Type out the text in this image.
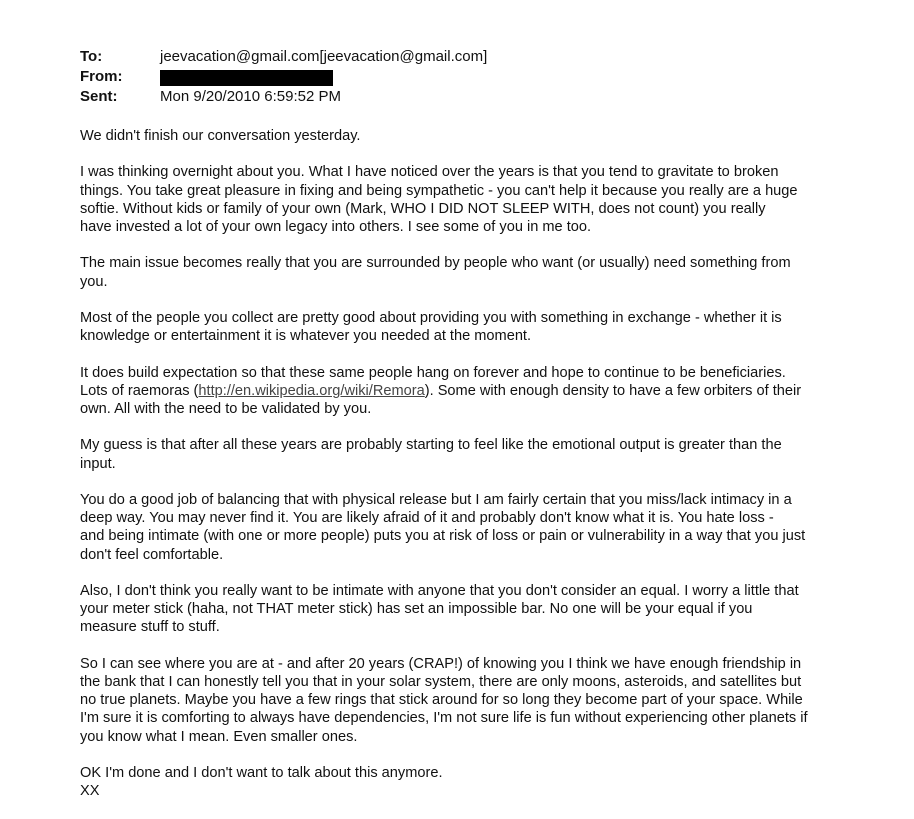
To:	jeevacation@gmail.com[jeevacation@gmail.com]
From:
Sent:	Mon 9/20/2010 6:59:52 PM

We didn't finish our conversation yesterday.

I was thinking overnight about you. What I have noticed over the years is that you tend to gravitate to broken
things. You take great pleasure in fixing and being sympathetic - you can't help it because you really are a huge
softie. Without kids or family of your own (Mark, WHO I DID NOT SLEEP WITH, does not count) you really
have invested a lot of your own legacy into others. I see some of you in me too.

The main issue becomes really that you are surrounded by people who want (or usually) need something from
you.

Most of the people you collect are pretty good about providing you with something in exchange - whether it is
knowledge or entertainment it is whatever you needed at the moment.

It does build expectation so that these same people hang on forever and hope to continue to be beneficiaries.
Lots of raemoras (http://en.wikipedia.org/wiki/Remora). Some with enough density to have a few orbiters of their
own. All with the need to be validated by you.

My guess is that after all these years are probably starting to feel like the emotional output is greater than the
input.

You do a good job of balancing that with physical release but I am fairly certain that you miss/lack intimacy in a
deep way. You may never find it. You are likely afraid of it and probably don't know what it is. You hate loss -
and being intimate (with one or more people) puts you at risk of loss or pain or vulnerability in a way that you just
don't feel comfortable.

Also, I don't think you really want to be intimate with anyone that you don't consider an equal. I worry a little that
your meter stick (haha, not THAT meter stick) has set an impossible bar. No one will be your equal if you
measure stuff to stuff.

So I can see where you are at - and after 20 years (CRAP!) of knowing you I think we have enough friendship in
the bank that I can honestly tell you that in your solar system, there are only moons, asteroids, and satellites but
no true planets. Maybe you have a few rings that stick around for so long they become part of your space. While
I'm sure it is comforting to always have dependencies, I'm not sure life is fun without experiencing other planets if
you know what I mean. Even smaller ones.

OK I'm done and I don't want to talk about this anymore.
XX
